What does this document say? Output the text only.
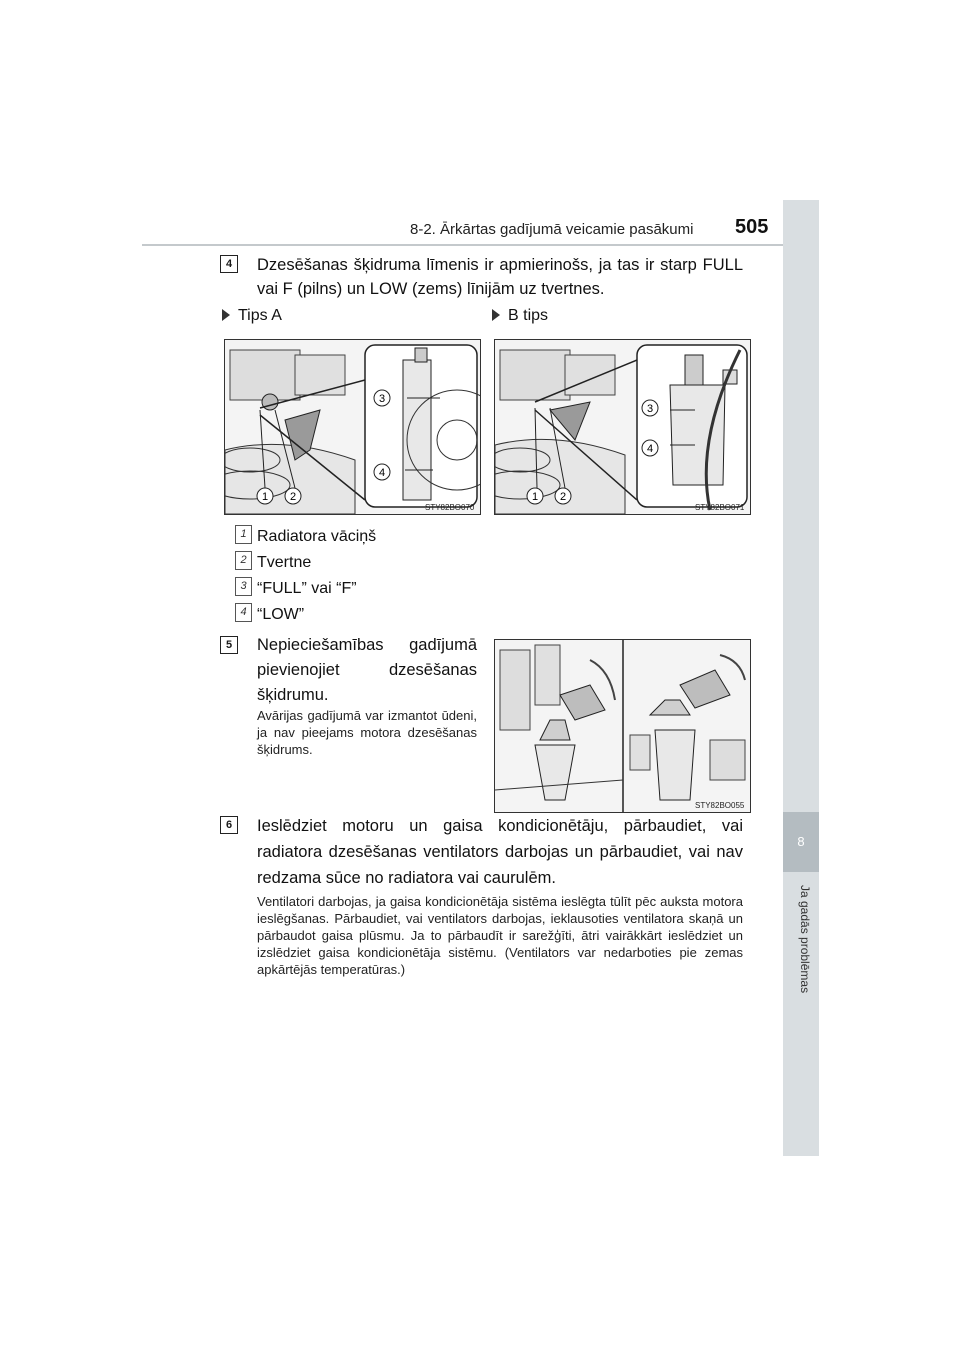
8-2. Ārkārtas gadījumā veicamie pasākumi 505
8
Ja gadās problēmas
4	Dzesēšanas šķidruma līmenis ir apmierinošs, ja tas ir starp FULL vai F (pilns) un LOW (zems) līnijām uz tvertnes.
Tips A	B tips
1 2
3
4
STY82BO070
1 2
3
4
STY82BO071
1 Radiatora vāciņš
2 Tvertne
3 “FULL” vai “F”
4 “LOW”
5	Nepieciešamības gadījumā pievienojiet dzesēšanas šķidrumu.
Avārijas gadījumā var izmantot ūdeni, ja nav pieejams motora dzesēšanas šķidrums.
STY82BO055
6	Ieslēdziet motoru un gaisa kondicionētāju, pārbaudiet, vai radiatora dzesēšanas ventilators darbojas un pārbaudiet, vai nav redzama sūce no radiatora vai caurulēm.
Ventilatori darbojas, ja gaisa kondicionētāja sistēma ieslēgta tūlīt pēc auksta motora ieslēgšanas. Pārbaudiet, vai ventilators darbojas, ieklausoties ventilatora skaņā un pārbaudot gaisa plūsmu. Ja to pārbaudīt ir sarežģīti, ātri vairākkārt ieslēdziet un izslēdziet gaisa kondicionētāja sistēmu. (Ventilators var nedarboties pie zemas apkārtējās temperatūras.)
